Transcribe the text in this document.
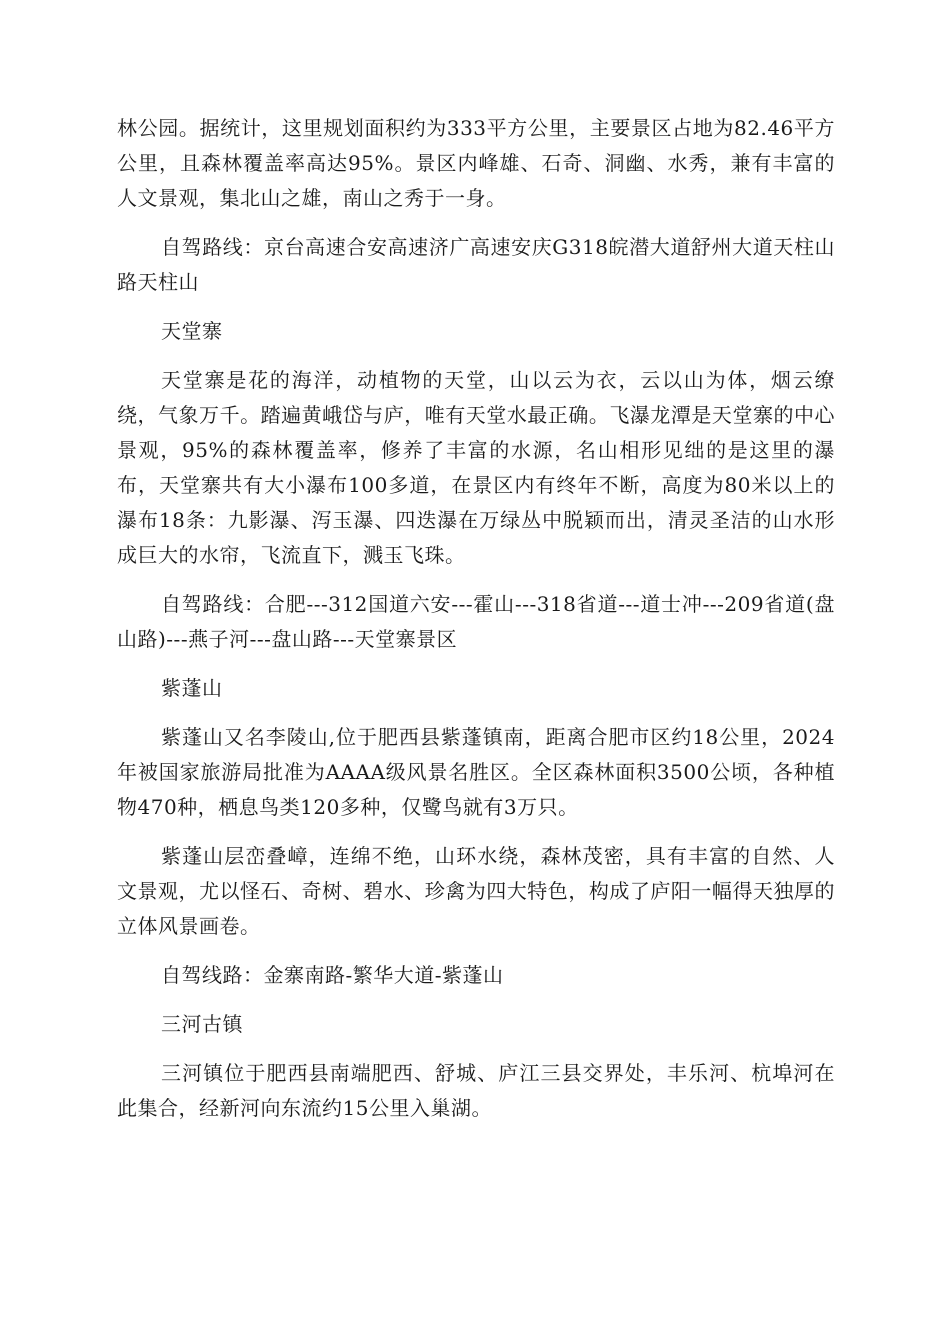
林公园。据统计，这里规划面积约为333平方公里，主要景区占地为82.46平方公里，且森林覆盖率高达95%。景区内峰雄、石奇、洞幽、水秀，兼有丰富的人文景观，集北山之雄，南山之秀于一身。

自驾路线：京台高速合安高速济广高速安庆G318皖潜大道舒州大道天柱山路天柱山

天堂寨

天堂寨是花的海洋，动植物的天堂，山以云为衣，云以山为体，烟云缭绕，气象万千。踏遍黄峨岱与庐，唯有天堂水最正确。飞瀑龙潭是天堂寨的中心景观，95%的森林覆盖率，修养了丰富的水源，名山相形见绌的是这里的瀑布，天堂寨共有大小瀑布100多道，在景区内有终年不断，高度为80米以上的瀑布18条：九影瀑、泻玉瀑、四迭瀑在万绿丛中脱颖而出，清灵圣洁的山水形成巨大的水帘，飞流直下，溅玉飞珠。

自驾路线：合肥---312国道六安---霍山---318省道---道士冲---209省道(盘山路)---燕子河---盘山路---天堂寨景区

紫蓬山

紫蓬山又名李陵山,位于肥西县紫蓬镇南，距离合肥市区约18公里，2024年被国家旅游局批准为AAAA级风景名胜区。全区森林面积3500公顷，各种植物470种，栖息鸟类120多种，仅鹭鸟就有3万只。

紫蓬山层峦叠嶂，连绵不绝，山环水绕，森林茂密，具有丰富的自然、人文景观，尤以怪石、奇树、碧水、珍禽为四大特色，构成了庐阳一幅得天独厚的立体风景画卷。

自驾线路：金寨南路-繁华大道-紫蓬山

三河古镇

三河镇位于肥西县南端肥西、舒城、庐江三县交界处，丰乐河、杭埠河在此集合，经新河向东流约15公里入巢湖。
